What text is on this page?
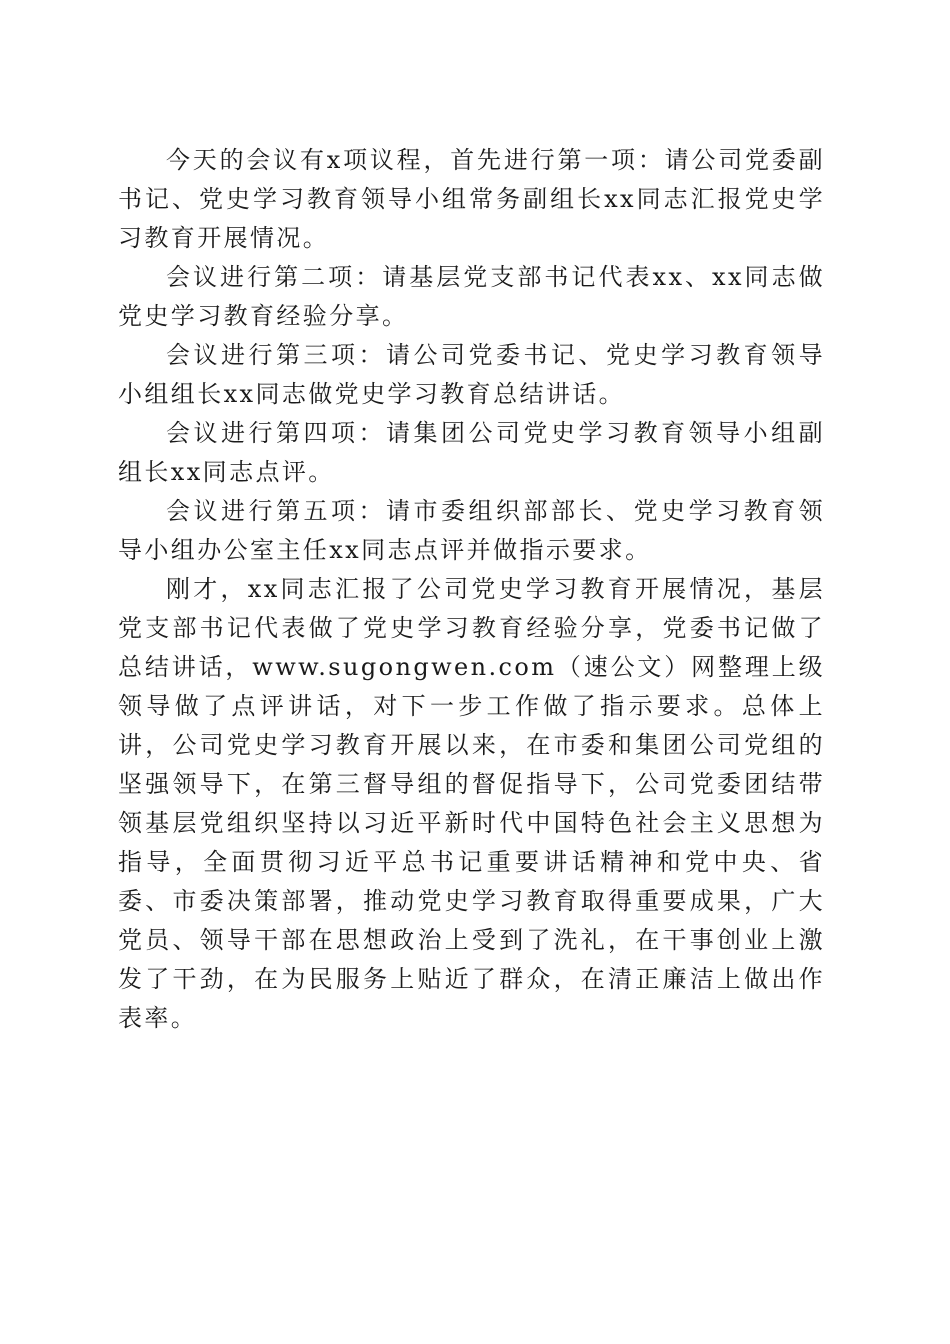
今天的会议有x项议程，首先进行第一项：请公司党委副书记、党史学习教育领导小组常务副组长xx同志汇报党史学习教育开展情况。

会议进行第二项：请基层党支部书记代表xx、xx同志做党史学习教育经验分享。

会议进行第三项：请公司党委书记、党史学习教育领导小组组长xx同志做党史学习教育总结讲话。

会议进行第四项：请集团公司党史学习教育领导小组副组长xx同志点评。

会议进行第五项：请市委组织部部长、党史学习教育领导小组办公室主任xx同志点评并做指示要求。

刚才，xx同志汇报了公司党史学习教育开展情况，基层党支部书记代表做了党史学习教育经验分享，党委书记做了总结讲话，www.sugongwen.com（速公文）网整理上级领导做了点评讲话，对下一步工作做了指示要求。总体上讲，公司党史学习教育开展以来，在市委和集团公司党组的坚强领导下，在第三督导组的督促指导下，公司党委团结带领基层党组织坚持以习近平新时代中国特色社会主义思想为指导，全面贯彻习近平总书记重要讲话精神和党中央、省委、市委决策部署，推动党史学习教育取得重要成果，广大党员、领导干部在思想政治上受到了洗礼，在干事创业上激发了干劲，在为民服务上贴近了群众，在清正廉洁上做出作表率。
